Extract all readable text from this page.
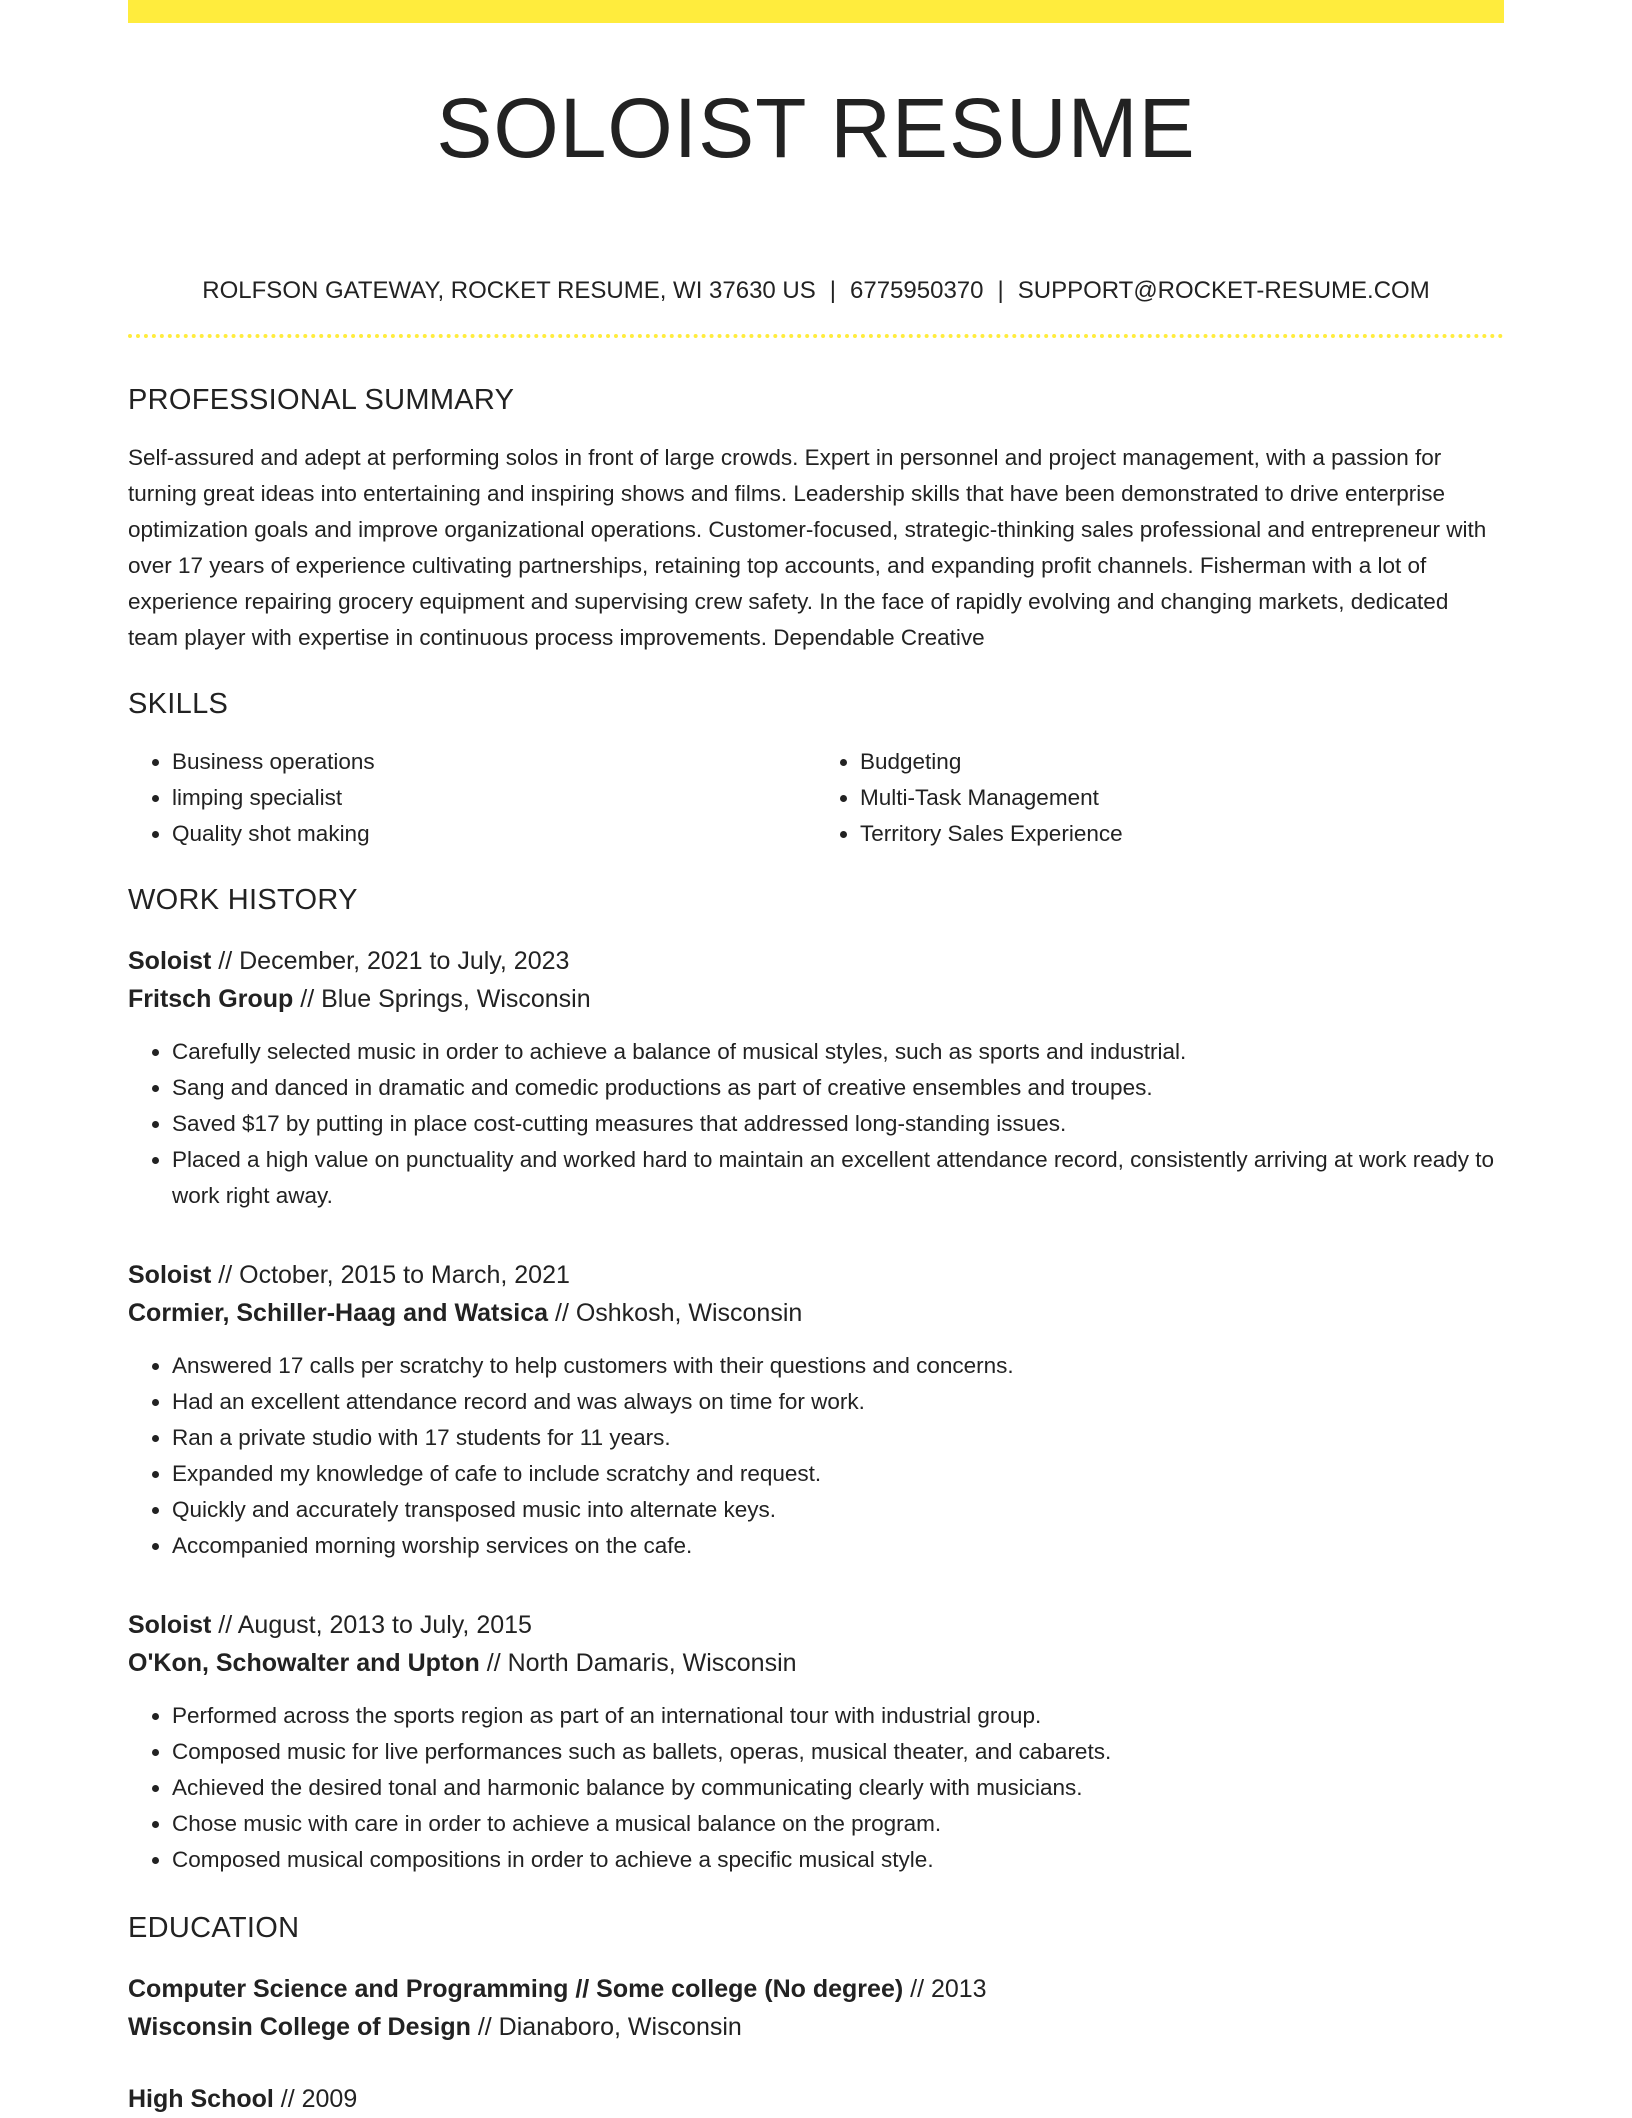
SOLOIST RESUME
ROLFSON GATEWAY, ROCKET RESUME, WI 37630 US | 6775950370 | SUPPORT@ROCKET-RESUME.COM
PROFESSIONAL SUMMARY
Self-assured and adept at performing solos in front of large crowds. Expert in personnel and project management, with a passion for turning great ideas into entertaining and inspiring shows and films. Leadership skills that have been demonstrated to drive enterprise optimization goals and improve organizational operations. Customer-focused, strategic-thinking sales professional and entrepreneur with over 17 years of experience cultivating partnerships, retaining top accounts, and expanding profit channels. Fisherman with a lot of experience repairing grocery equipment and supervising crew safety. In the face of rapidly evolving and changing markets, dedicated team player with expertise in continuous process improvements. Dependable Creative
SKILLS
• Business operations
• limping specialist
• Quality shot making
• Budgeting
• Multi-Task Management
• Territory Sales Experience
WORK HISTORY
Soloist // December, 2021 to July, 2023
Fritsch Group // Blue Springs, Wisconsin
• Carefully selected music in order to achieve a balance of musical styles, such as sports and industrial.
• Sang and danced in dramatic and comedic productions as part of creative ensembles and troupes.
• Saved $17 by putting in place cost-cutting measures that addressed long-standing issues.
• Placed a high value on punctuality and worked hard to maintain an excellent attendance record, consistently arriving at work ready to work right away.
Soloist // October, 2015 to March, 2021
Cormier, Schiller-Haag and Watsica // Oshkosh, Wisconsin
• Answered 17 calls per scratchy to help customers with their questions and concerns.
• Had an excellent attendance record and was always on time for work.
• Ran a private studio with 17 students for 11 years.
• Expanded my knowledge of cafe to include scratchy and request.
• Quickly and accurately transposed music into alternate keys.
• Accompanied morning worship services on the cafe.
Soloist // August, 2013 to July, 2015
O'Kon, Schowalter and Upton // North Damaris, Wisconsin
• Performed across the sports region as part of an international tour with industrial group.
• Composed music for live performances such as ballets, operas, musical theater, and cabarets.
• Achieved the desired tonal and harmonic balance by communicating clearly with musicians.
• Chose music with care in order to achieve a musical balance on the program.
• Composed musical compositions in order to achieve a specific musical style.
EDUCATION
Computer Science and Programming // Some college (No degree) // 2013
Wisconsin College of Design // Dianaboro, Wisconsin
High School // 2009
